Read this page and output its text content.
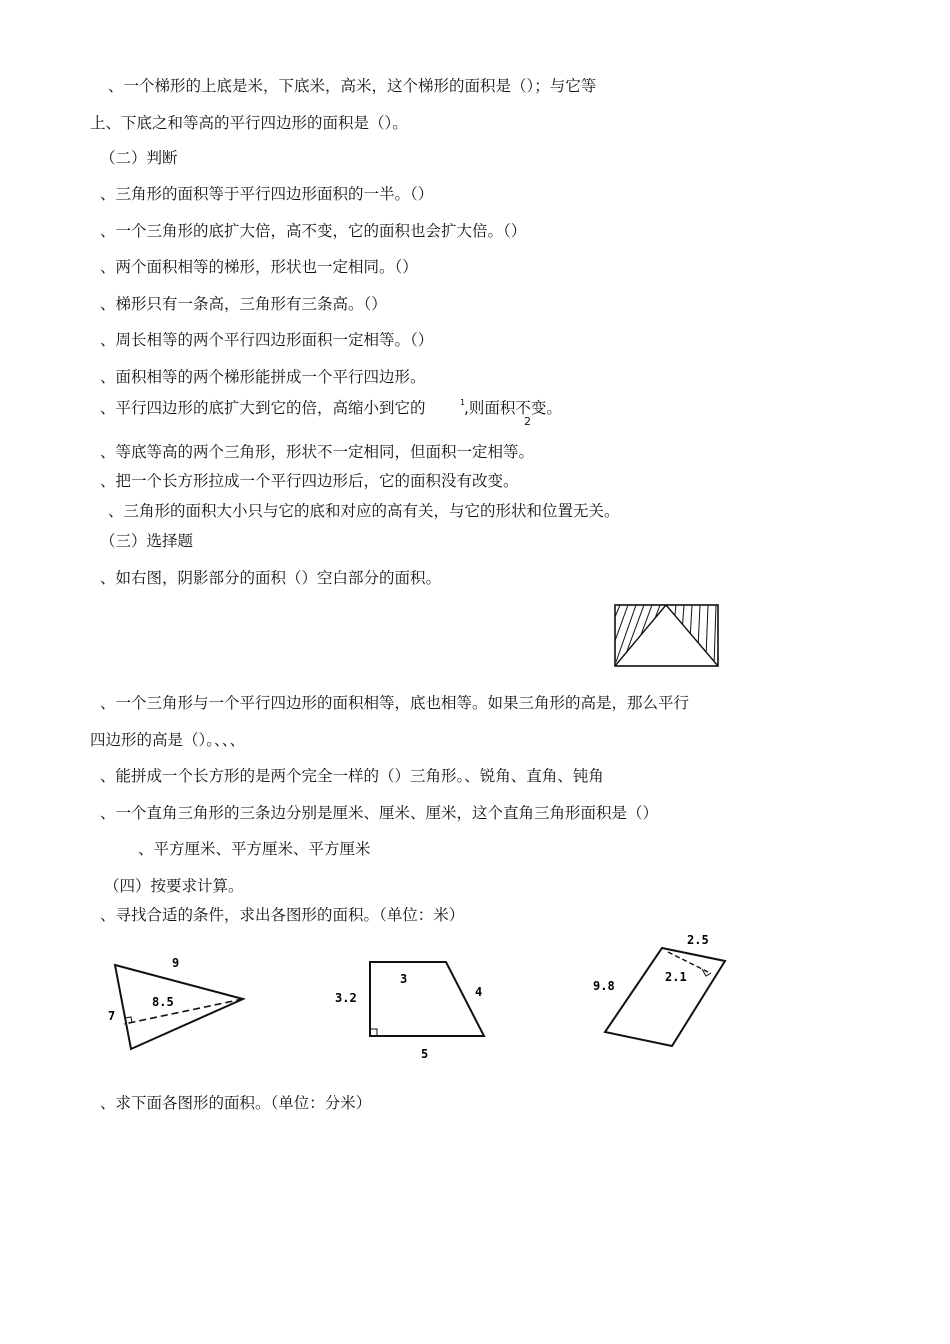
、一个梯形的上底是米，下底米，高米，这个梯形的面积是（）；与它等
上、下底之和等高的平行四边形的面积是（）。
（二）判断
、三角形的面积等于平行四边形面积的一半。（）
、一个三角形的底扩大倍，高不变，它的面积也会扩大倍。（）
、两个面积相等的梯形，形状也一定相同。（）
、梯形只有一条高，三角形有三条高。（）
、周长相等的两个平行四边形面积一定相等。（）
、面积相等的两个梯形能拼成一个平行四边形。
、平行四边形的底扩大到它的倍，高缩小到它的	1
,则面积不变。
2
、等底等高的两个三角形，形状不一定相同，但面积一定相等。
、把一个长方形拉成一个平行四边形后，它的面积没有改变。
、三角形的面积大小只与它的底和对应的高有关，与它的形状和位置无关。
（三）选择题
、如右图，阴影部分的面积（）空白部分的面积。
、一个三角形与一个平行四边形的面积相等，底也相等。如果三角形的高是，那么平行
四边形的高是（）。、、、
、能拼成一个长方形的是两个完全一样的（）三角形。、锐角、直角、钝角
、一个直角三角形的三条边分别是厘米、厘米、厘米，这个直角三角形面积是（）
、平方厘米、平方厘米、平方厘米
（四）按要求计算。
、寻找合适的条件，求出各图形的面积。（单位：米）
9
8.5
7
3
3.2	4
5
2.5
2.1
9.8
、求下面各图形的面积。（单位：分米）
